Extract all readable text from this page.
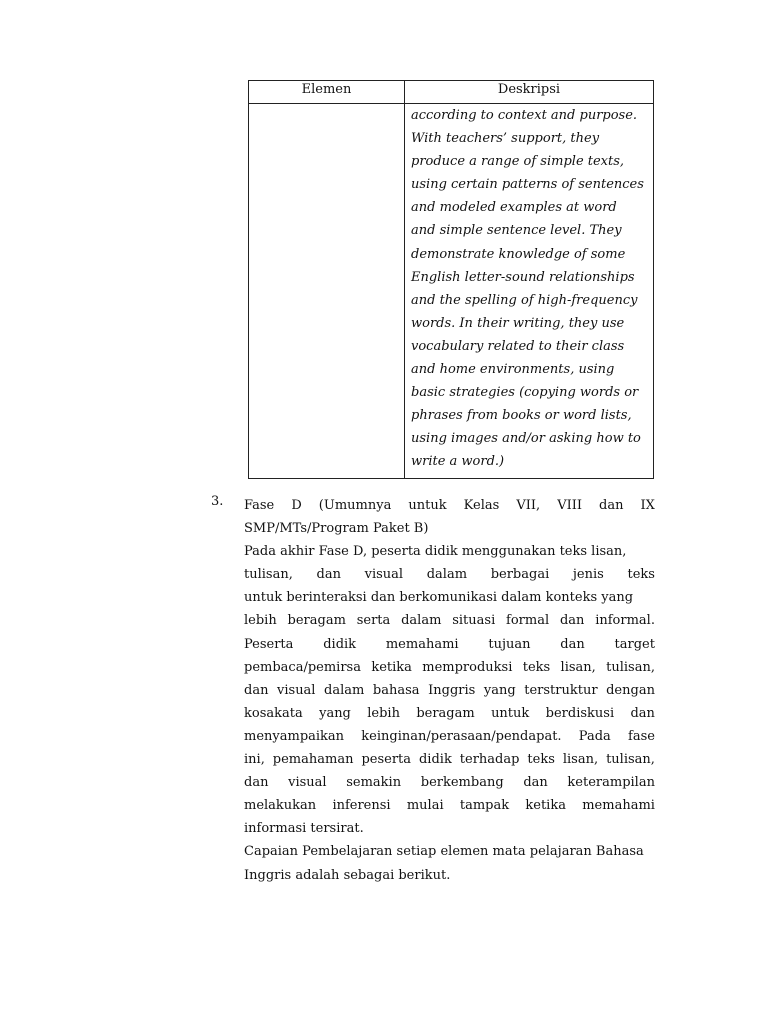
Elemen	Deskripsi
according to context and purpose.
With teachers’ support, they
produce a range of simple texts,
using certain patterns of sentences
and modeled examples at word
and simple sentence level. They
demonstrate knowledge of some
English letter-sound relationships
and the spelling of high-frequency
words. In their writing, they use
vocabulary related to their class
and home environments, using
basic strategies (copying words or
phrases from books or word lists,
using images and/or asking how to
write a word.)
3. Fase D (Umumnya untuk Kelas VII, VIII dan IX
SMP/MTs/Program Paket B)
Pada akhir Fase D, peserta didik menggunakan teks lisan,
tulisan, dan visual dalam berbagai jenis teks
untuk berinteraksi dan berkomunikasi dalam konteks yang
lebih beragam serta dalam situasi formal dan informal.
Peserta didik memahami tujuan dan target
pembaca/pemirsa ketika memproduksi teks lisan, tulisan,
dan visual dalam bahasa Inggris yang terstruktur dengan
kosakata yang lebih beragam untuk berdiskusi dan
menyampaikan keinginan/perasaan/pendapat. Pada fase
ini, pemahaman peserta didik terhadap teks lisan, tulisan,
dan visual semakin berkembang dan keterampilan
melakukan inferensi mulai tampak ketika memahami
informasi tersirat.
Capaian Pembelajaran setiap elemen mata pelajaran Bahasa
Inggris adalah sebagai berikut.
